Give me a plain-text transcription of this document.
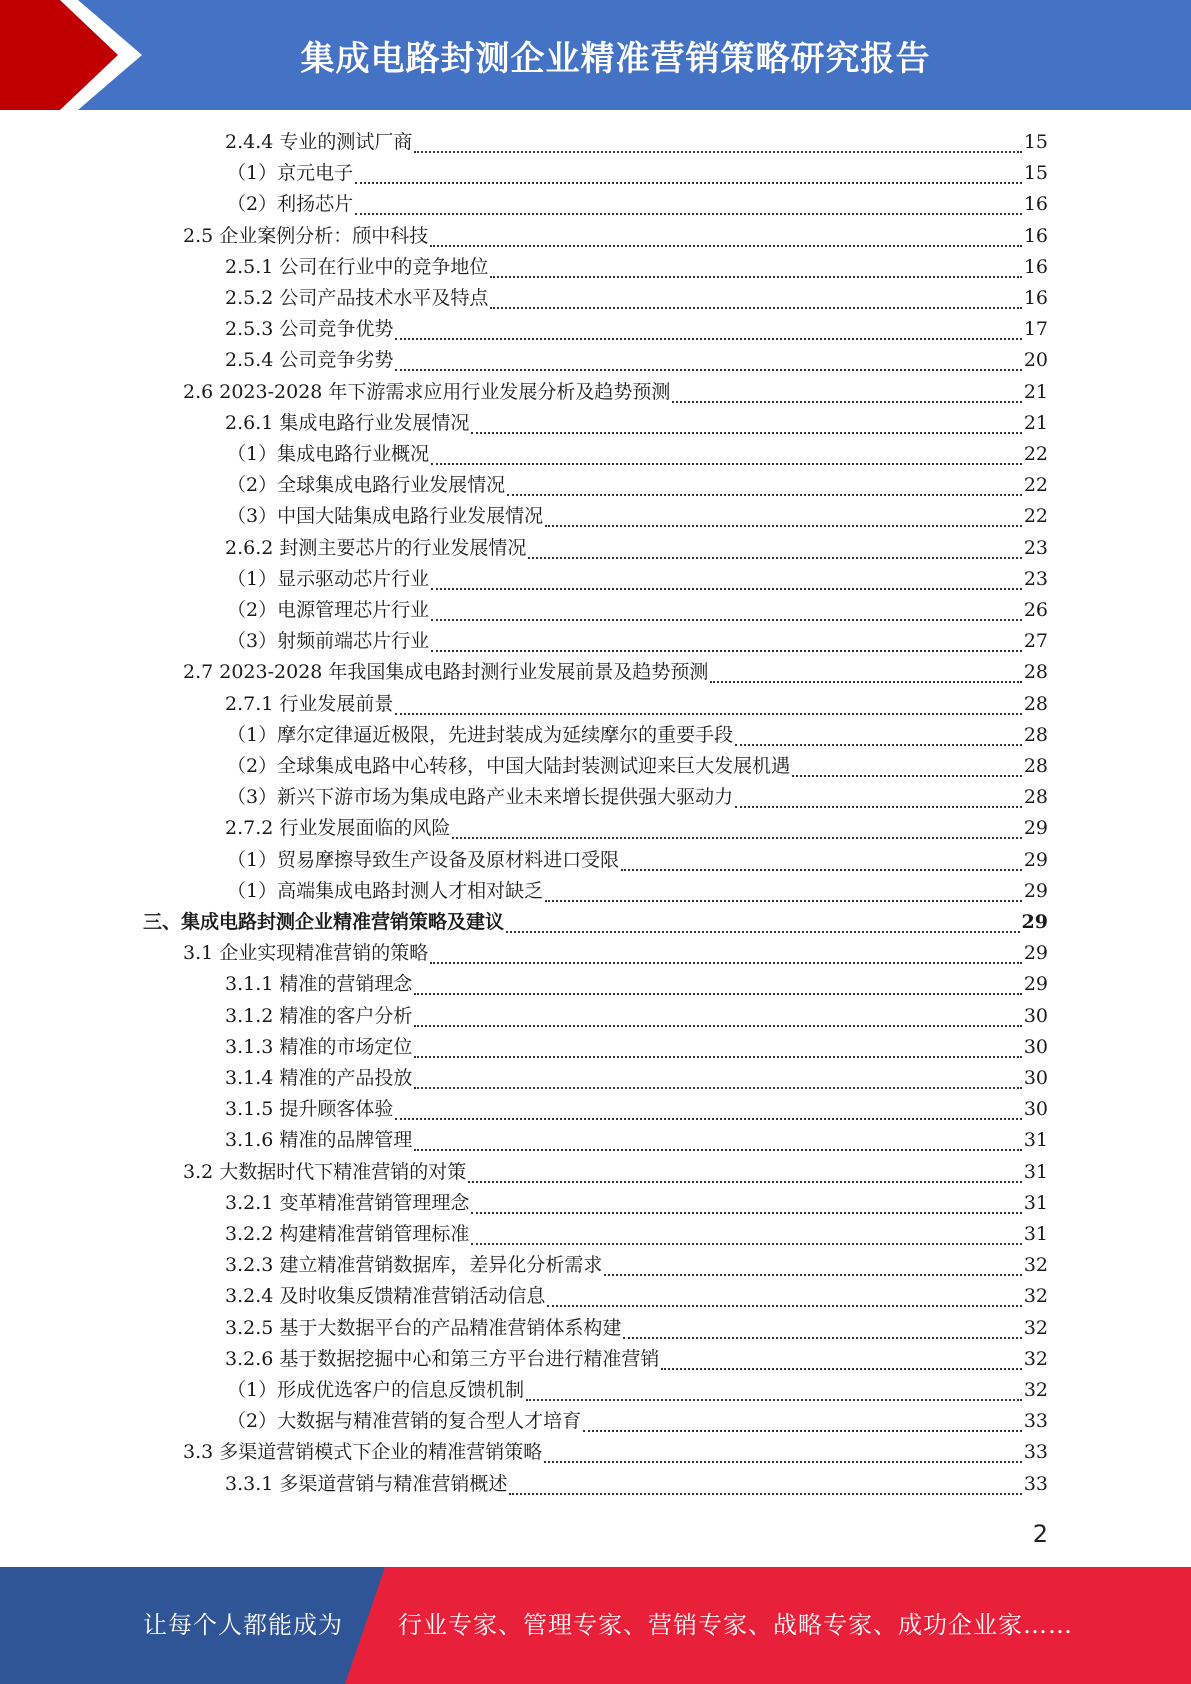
集成电路封测企业精准营销策略研究报告
2.4.4 专业的测试厂商	15
（1）京元电子	15
（2）利扬芯片	16
2.5 企业案例分析：颀中科技	16
2.5.1 公司在行业中的竞争地位	16
2.5.2 公司产品技术水平及特点	16
2.5.3 公司竞争优势	17
2.5.4 公司竞争劣势	20
2.6 2023-2028 年下游需求应用行业发展分析及趋势预测	21
2.6.1 集成电路行业发展情况	21
（1）集成电路行业概况	22
（2）全球集成电路行业发展情况	22
（3）中国大陆集成电路行业发展情况	22
2.6.2 封测主要芯片的行业发展情况	23
（1）显示驱动芯片行业	23
（2）电源管理芯片行业	26
（3）射频前端芯片行业	27
2.7 2023-2028 年我国集成电路封测行业发展前景及趋势预测	28
2.7.1 行业发展前景	28
（1）摩尔定律逼近极限，先进封装成为延续摩尔的重要手段	28
（2）全球集成电路中心转移，中国大陆封装测试迎来巨大发展机遇	28
（3）新兴下游市场为集成电路产业未来增长提供强大驱动力	28
2.7.2 行业发展面临的风险	29
（1）贸易摩擦导致生产设备及原材料进口受限	29
（1）高端集成电路封测人才相对缺乏	29
三、集成电路封测企业精准营销策略及建议	29
3.1 企业实现精准营销的策略	29
3.1.1 精准的营销理念	29
3.1.2 精准的客户分析	30
3.1.3 精准的市场定位	30
3.1.4 精准的产品投放	30
3.1.5 提升顾客体验	30
3.1.6 精准的品牌管理	31
3.2 大数据时代下精准营销的对策	31
3.2.1 变革精准营销管理理念	31
3.2.2 构建精准营销管理标准	31
3.2.3 建立精准营销数据库，差异化分析需求	32
3.2.4 及时收集反馈精准营销活动信息	32
3.2.5 基于大数据平台的产品精准营销体系构建	32
3.2.6 基于数据挖掘中心和第三方平台进行精准营销	32
（1）形成优选客户的信息反馈机制	32
（2）大数据与精准营销的复合型人才培育	33
3.3 多渠道营销模式下企业的精准营销策略	33
3.3.1 多渠道营销与精准营销概述	33
2
让每个人都能成为 行业专家、管理专家、营销专家、战略专家、成功企业家……
